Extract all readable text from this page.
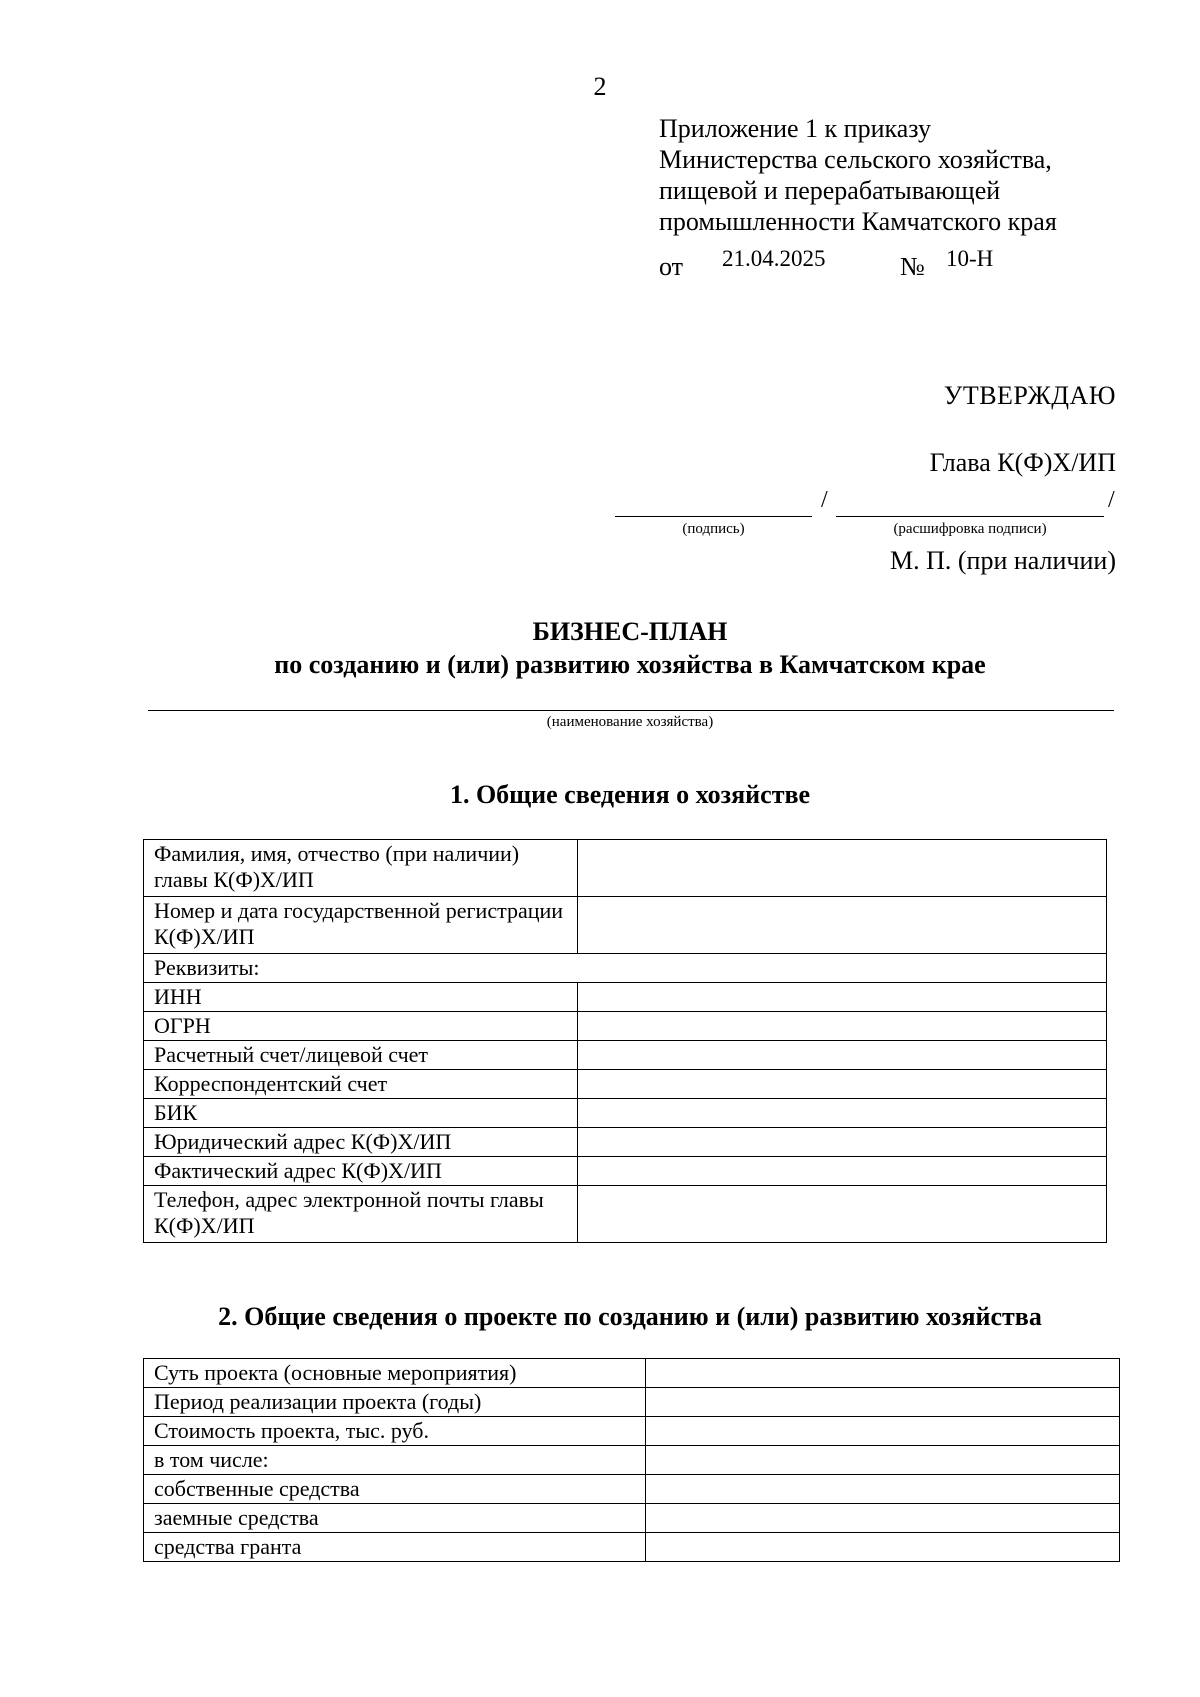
2
Приложение 1 к приказу
Министерства сельского хозяйства,
пищевой и перерабатывающей
промышленности Камчатского края
от 21.04.2025	№ 10-Н
УТВЕРЖДАЮ
Глава К(Ф)Х/ИП
/	/
(подпись)	(расшифровка подписи)
М. П. (при наличии)
БИЗНЕС-ПЛАН
по созданию и (или) развитию хозяйства в Камчатском крае
(наименование хозяйства)
1. Общие сведения о хозяйстве
Фамилия, имя, отчество (при наличии) главы К(Ф)Х/ИП	
Номер и дата государственной регистрации К(Ф)Х/ИП	
Реквизиты:	
ИНН	
ОГРН	
Расчетный счет/лицевой счет	
Корреспондентский счет	
БИК	
Юридический адрес К(Ф)Х/ИП	
Фактический адрес К(Ф)Х/ИП	
Телефон, адрес электронной почты главы К(Ф)Х/ИП	
2. Общие сведения о проекте по созданию и (или) развитию хозяйства
Суть проекта (основные мероприятия)	
Период реализации проекта (годы)	
Стоимость проекта, тыс. руб.	
в том числе:	
собственные средства	
заемные средства	
средства гранта	
